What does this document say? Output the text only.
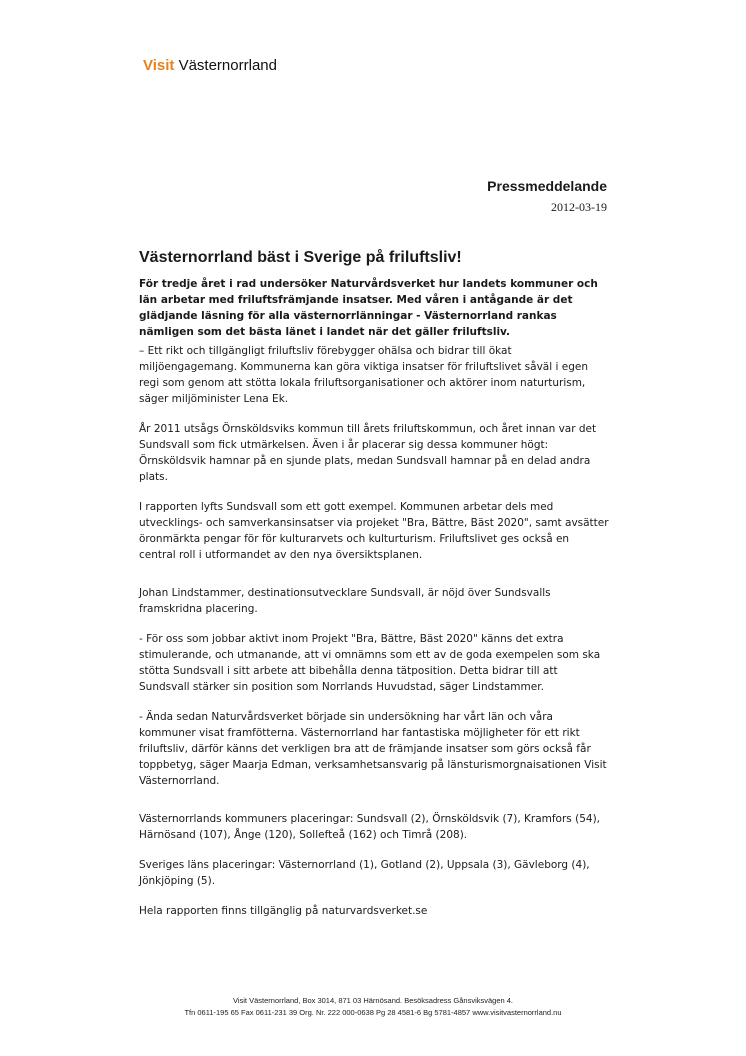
Visit Västernorrland
Pressmeddelande
2012-03-19
Västernorrland bäst i Sverige på friluftsliv!

För tredje året i rad undersöker Naturvårdsverket hur landets kommuner och län arbetar med friluftsfrämjande insatser. Med våren i antågande är det glädjande läsning för alla västernorrlänningar - Västernorrland rankas nämligen som det bästa länet i landet när det gäller friluftsliv.

– Ett rikt och tillgängligt friluftsliv förebygger ohälsa och bidrar till ökat miljöengagemang. Kommunerna kan göra viktiga insatser för friluftslivet såväl i egen regi som genom att stötta lokala friluftsorganisationer och aktörer inom naturturism, säger miljöminister Lena Ek.

År 2011 utsågs Örnsköldsviks kommun till årets friluftskommun, och året innan var det Sundsvall som fick utmärkelsen. Även i år placerar sig dessa kommuner högt: Örnsköldsvik hamnar på en sjunde plats, medan Sundsvall hamnar på en delad andra plats.

I rapporten lyfts Sundsvall som ett gott exempel. Kommunen arbetar dels med utvecklings- och samverkansinsatser via projeket "Bra, Bättre, Bäst 2020", samt avsätter öronmärkta pengar för för kulturarvets och kulturturism. Friluftslivet ges också en central roll i utformandet av den nya översiktsplanen.

Johan Lindstammer, destinationsutvecklare Sundsvall, är nöjd över Sundsvalls framskridna placering.

- För oss som jobbar aktivt inom Projekt "Bra, Bättre, Bäst 2020" känns det extra stimulerande, och utmanande, att vi omnämns som ett av de goda exempelen som ska stötta Sundsvall i sitt arbete att bibehålla denna tätposition. Detta bidrar till att Sundsvall stärker sin position som Norrlands Huvudstad, säger Lindstammer.

- Ända sedan Naturvårdsverket började sin undersökning har vårt län och våra kommuner visat framfötterna. Västernorrland har fantastiska möjligheter för ett rikt friluftsliv, därför känns det verkligen bra att de främjande insatser som görs också får toppbetyg, säger Maarja Edman, verksamhetsansvarig på länsturismorgnaisationen Visit Västernorrland.

Västernorrlands kommuners placeringar: Sundsvall (2), Örnsköldsvik (7), Kramfors (54), Härnösand (107), Ånge (120), Sollefteå (162) och Timrå (208).

Sveriges läns placeringar: Västernorrland (1), Gotland (2), Uppsala (3), Gävleborg (4), Jönkjöping (5).

Hela rapporten finns tillgänglig på naturvardsverket.se

Visit Västernorrland, Box 3014, 871 03 Härnösand. Besöksadress Gånsviksvägen 4.
Tfn 0611-195 65 Fax 0611-231 39 Org. Nr. 222 000-0638 Pg 28 4581-6 Bg 5781-4857 www.visitvasternorrland.nu
